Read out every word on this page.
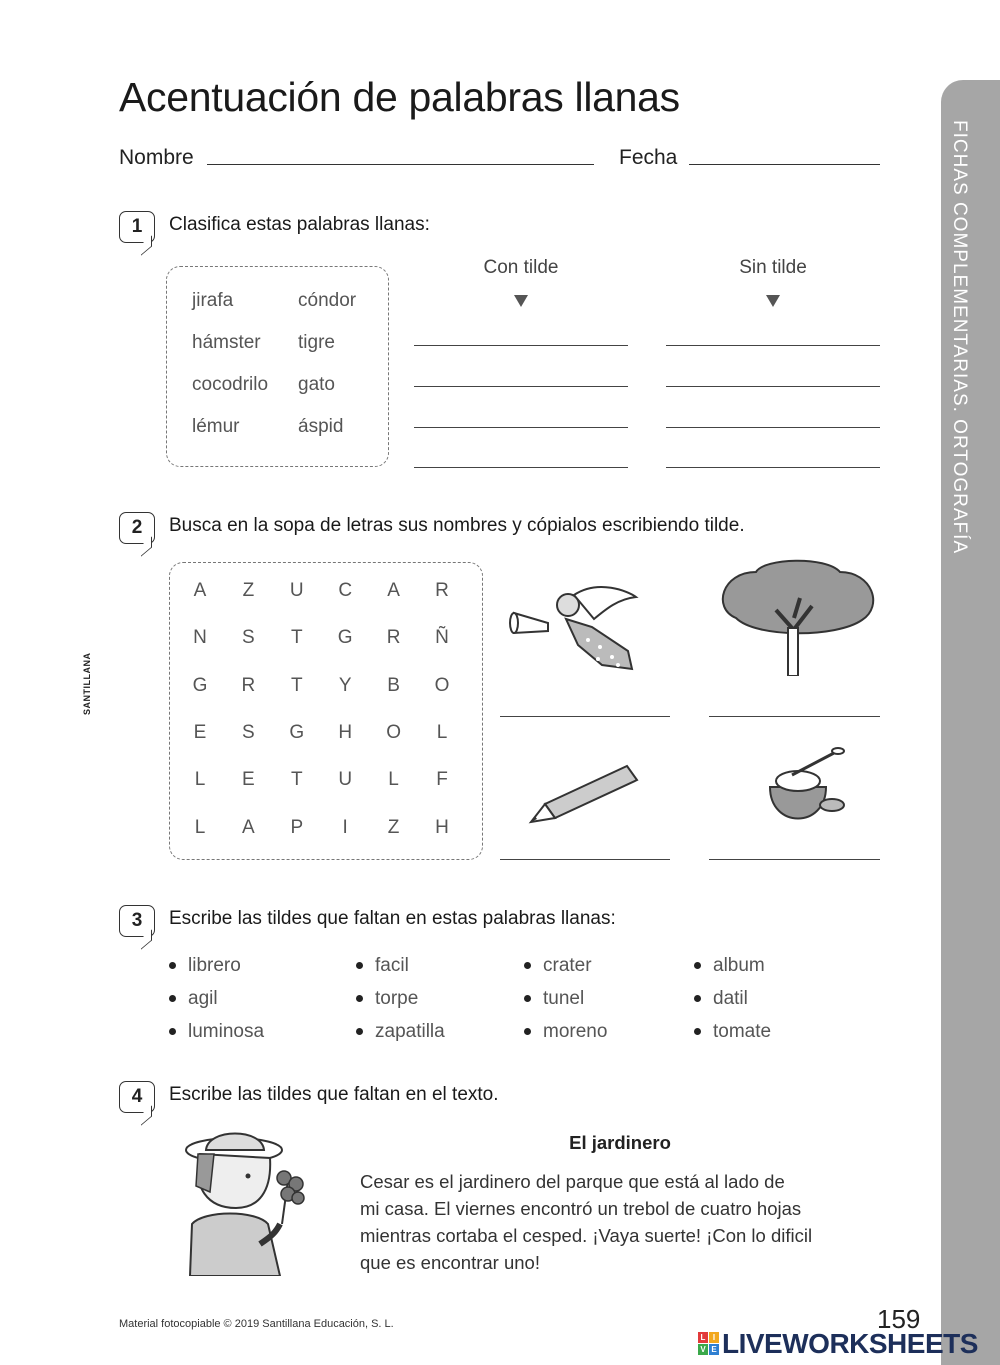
FICHAS COMPLEMENTARIAS. ORTOGRAFÍA
SANTILLANA
Acentuación de palabras llanas
Nombre	Fecha
1	Clasifica estas palabras llanas:
jirafa	cóndor
hámster tigre
cocodrilo gato
lémur	áspid
Con tilde	Sin tilde
2	Busca en la sopa de letras sus nombres y cópialos escribiendo tilde.
A	Z	U	C	A	R
N	S	T	G	R	Ñ
G	R	T	Y	B	O
E	S	G	H	O	L
L	E	T	U	L	F
L	A	P	I	Z	H
3	Escribe las tildes que faltan en estas palabras llanas:
librero
agil
luminosa
facil
torpe
zapatilla
crater
tunel
moreno
album
datil
tomate
4	Escribe las tildes que faltan en el texto.
El jardinero
Cesar es el jardinero del parque que está al lado de
mi casa. El viernes encontró un trebol de cuatro hojas
mientras cortaba el cesped. ¡Vaya suerte! ¡Con lo dificil
que es encontrar uno!
Material fotocopiable © 2019 Santillana Educación, S. L.	159
L I
V E LIVEWORKSHEETS
